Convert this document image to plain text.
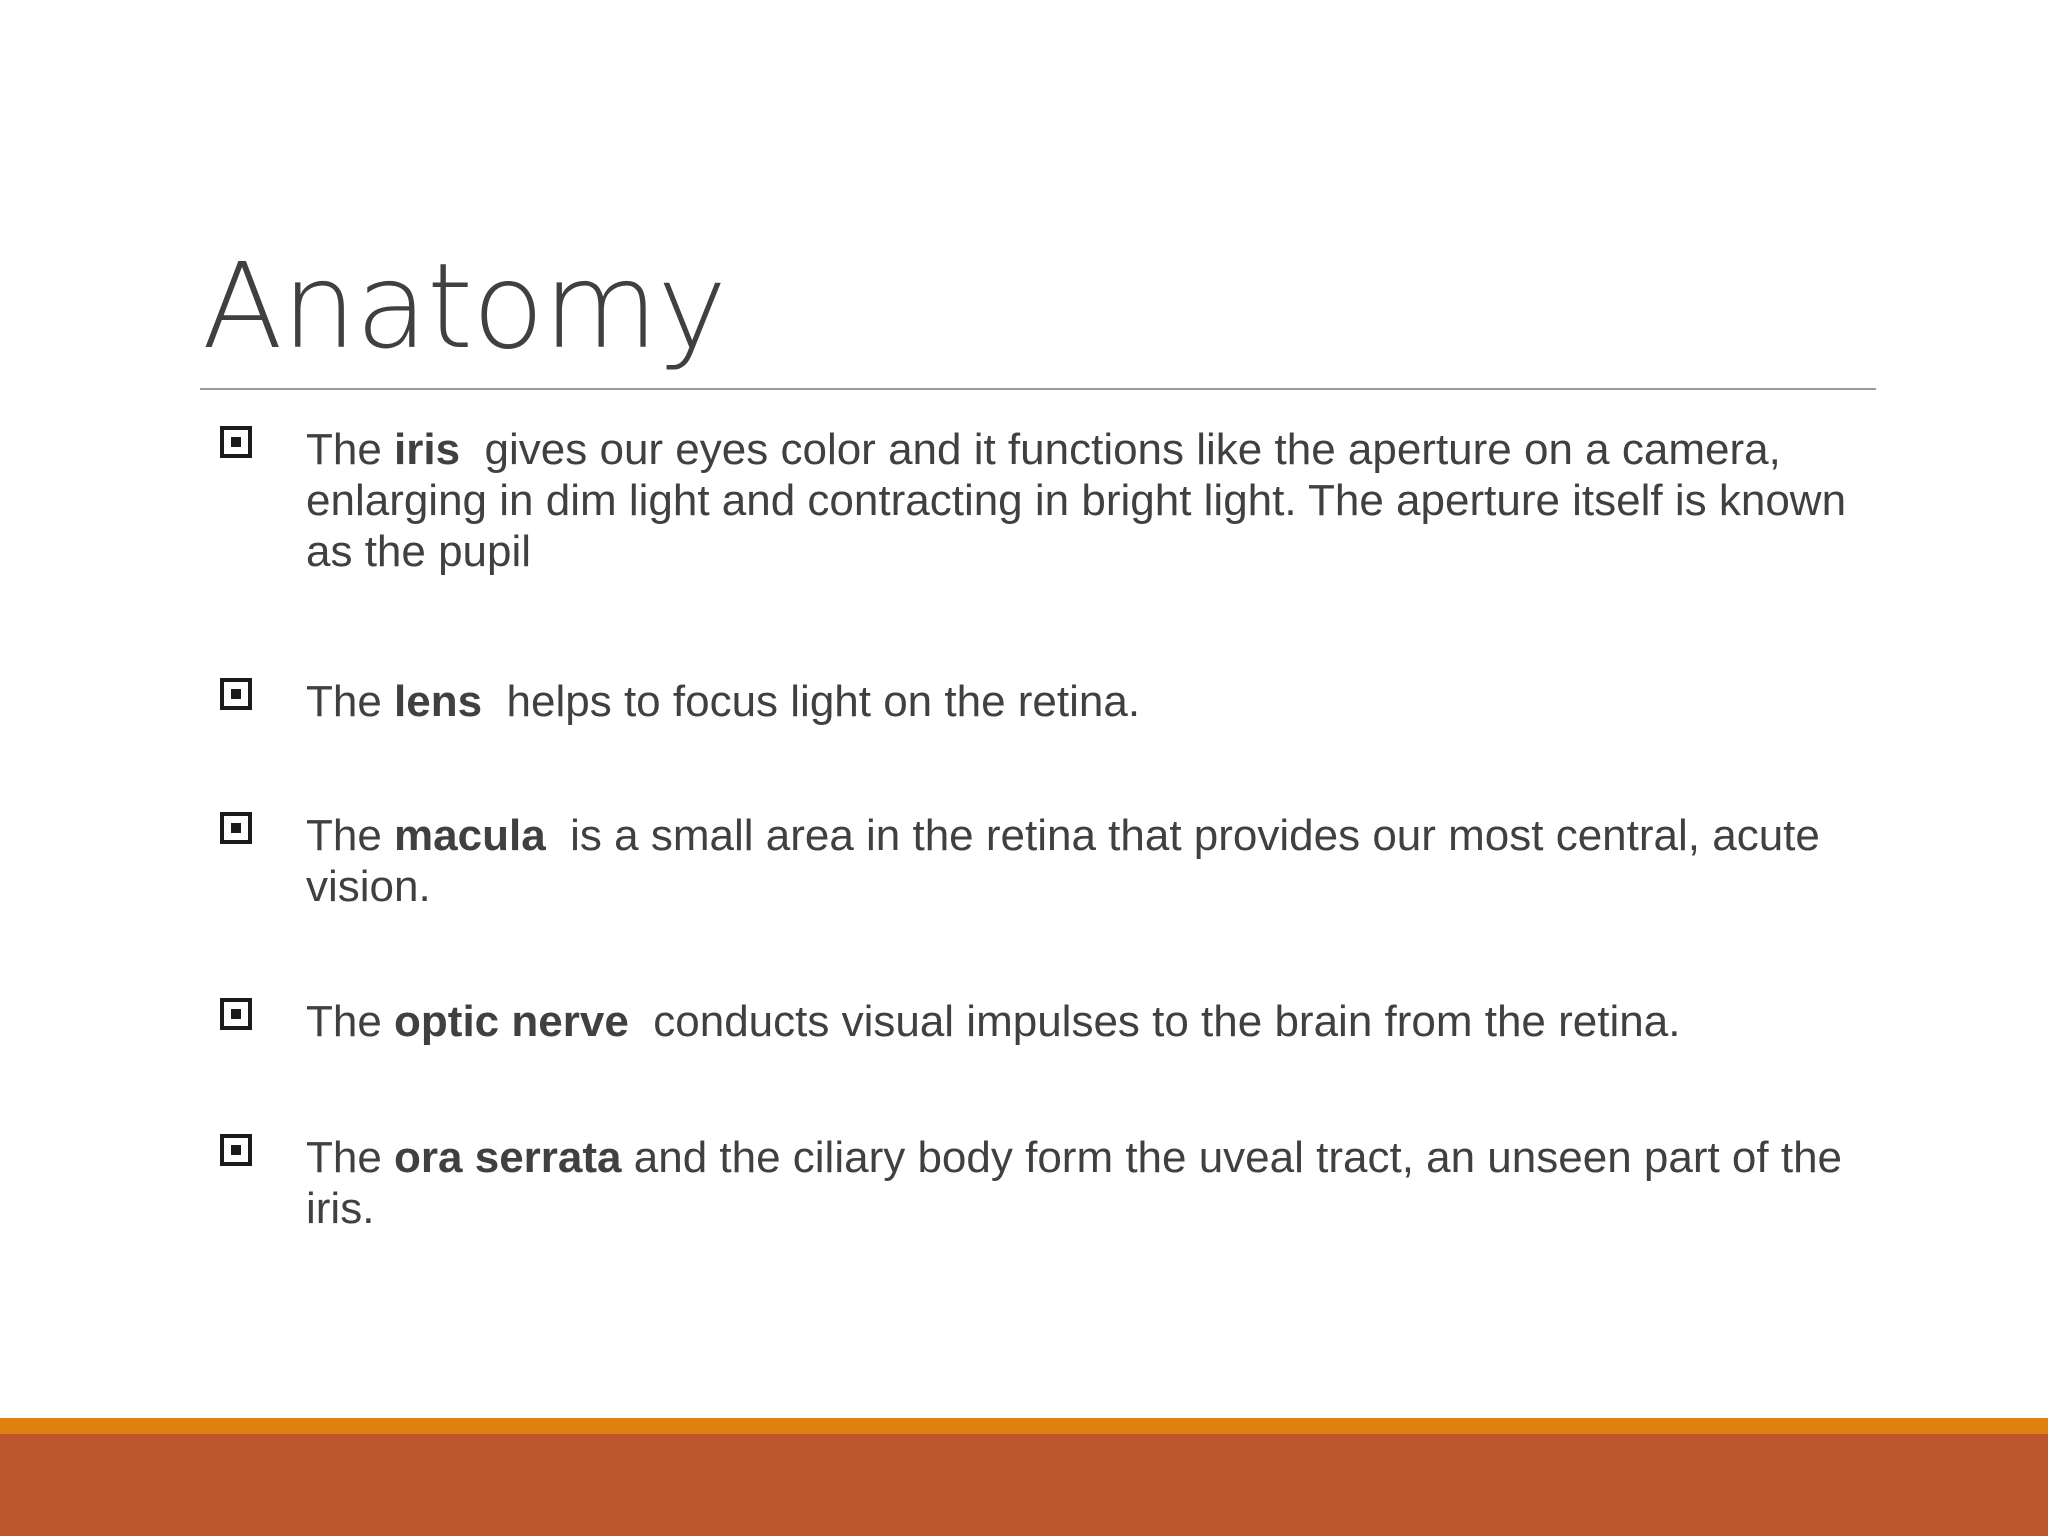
Anatomy
The iris  gives our eyes color and it functions like the aperture on a camera, enlarging in dim light and contracting in bright light. The aperture itself is known as the pupil
The lens  helps to focus light on the retina.
The macula  is a small area in the retina that provides our most central, acute vision.
The optic nerve  conducts visual impulses to the brain from the retina.
The ora serrata and the ciliary body form the uveal tract, an unseen part of the iris.
